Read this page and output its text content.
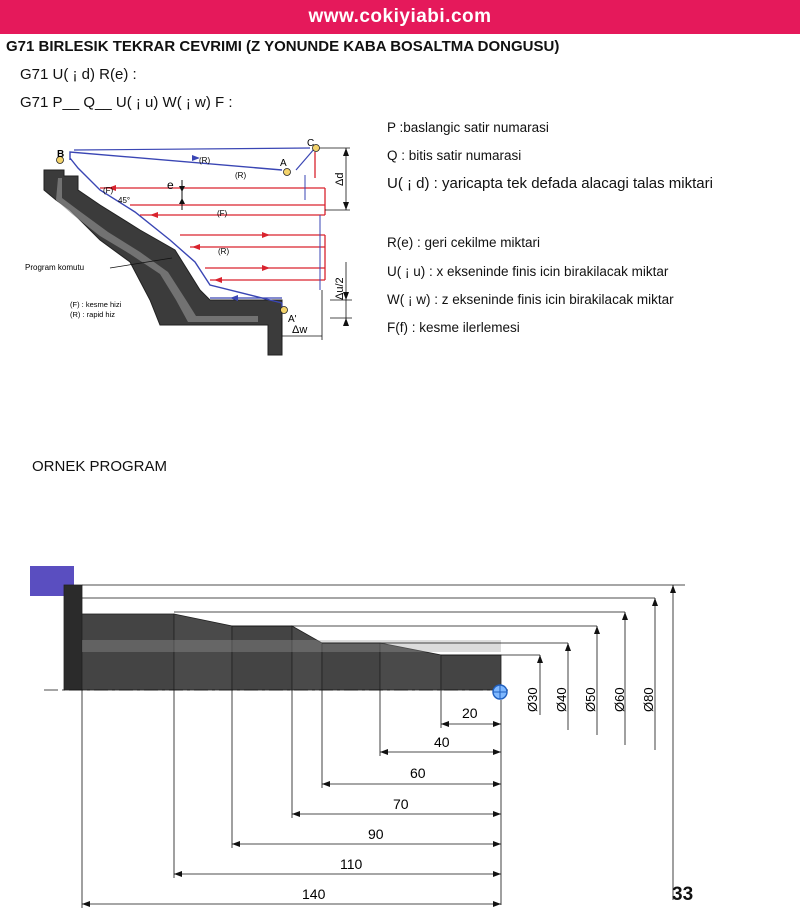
www.cokiyiabi.com
G71 BIRLESIK TEKRAR CEVRIMI (Z YONUNDE KABA BOSALTMA DONGUSU)
G71 U( ¡ d) R(e) :
G71 P__ Q__ U( ¡ u) W( ¡ w) F :
P :baslangic satir numarasi
Q : bitis satir numarasi
U( ¡ d) : yaricapta tek defada alacagi talas miktari
R(e) : geri cekilme miktari
U( ¡ u) : x ekseninde finis icin birakilacak miktar
W( ¡ w) : z ekseninde finis icin birakilacak miktar
F(f) : kesme ilerlemesi
B
A
C
A'
(R)
(R)
(R)
(F)
(F)
45°
e	Δd
Δu/2
Δw
Program komutu
(F) : kesme hizi
(R) : rapid hiz
Ø30 Ø40 Ø50 Ø60 Ø80
20
40
60
70
90
110
140
ORNEK PROGRAM
33
